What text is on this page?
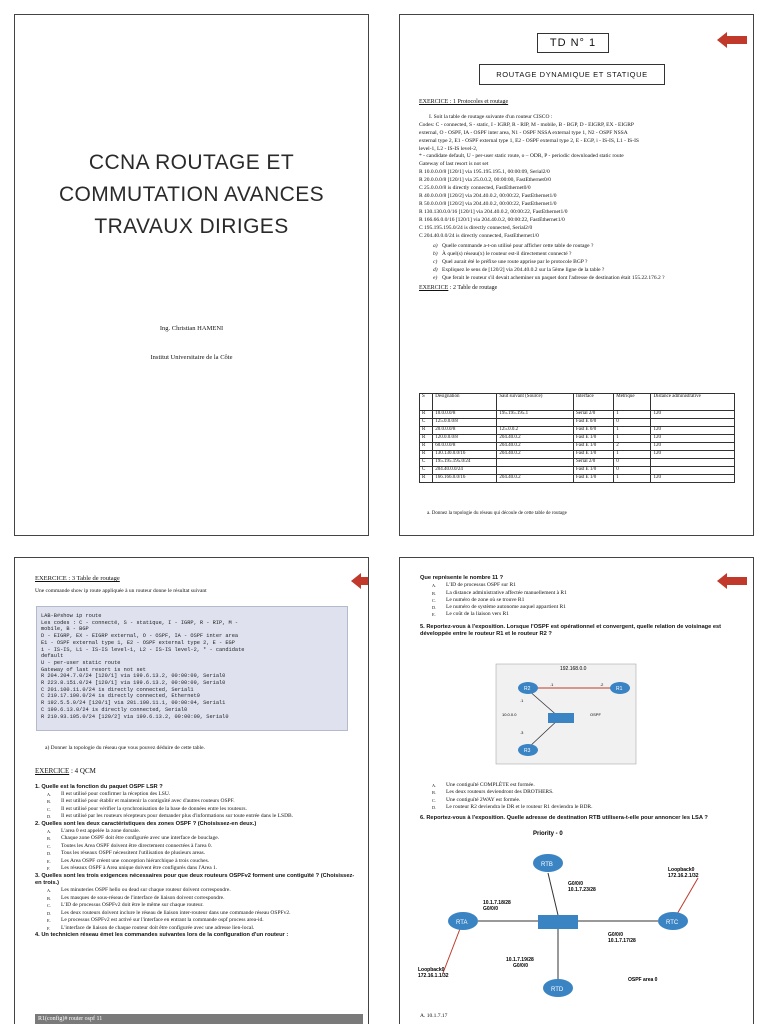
CCNA ROUTAGE ET
COMMUTATION AVANCES
TRAVAUX DIRIGES
Ing. Christian HAMENI
Institut Universitaire de la Côte
TD N° 1
ROUTAGE DYNAMIQUE ET STATIQUE
EXERCICE : 1 Protocoles et routage
I. Soit la table de routage suivante d'un routeur CISCO :
Codes: C - connected, S - static, I - IGRP, R - RIP, M - mobile, B - BGP, D - EIGRP, EX - EIGRP
external, O - OSPF, IA - OSPF inter area, N1 - OSPF NSSA external type 1, N2 - OSPF NSSA
external type 2, E1 - OSPF external type 1, E2 - OSPF external type 2, E - EGP, i - IS-IS, L1 - IS-IS
level-1, L2 - IS-IS level-2,
* - candidate default, U - per-user static route, o – ODR, P - periodic downloaded static route
Gateway of last resort is not set
R 10.0.0.0/8 [120/1] via 195.195.195.1, 00:00:09, Serial2/0
R 20.0.0.0/8 [120/1] via 25.0.0.2, 00:00:00, FastEthernet0/0
C 25.0.0.0/8 is directly connected, FastEthernet0/0
R 40.0.0.0/8 [120/2] via 204.40.0.2, 00:00:22, FastEthernet1/0
R 50.0.0.0/8 [120/2] via 204.40.0.2, 00:00:22, FastEthernet1/0
R 130.130.0.0/16 [120/1] via 204.40.0.2, 00:00:22, FastEthernet1/0
R 166.66.0.0/16 [120/1] via 204.40.0.2, 00:00:22, FastEthernet1/0
C 195.195.195.0/24 is directly connected, Serial2/0
C 204.40.0.0/24 is directly connected, FastEthernet1/0
a) Quelle commande a-t-on utilisé pour afficher cette table de routage ?
b) À quel(s) réseau(x) le routeur est-il directement connecté ?
c) Quel aurait été le préfixe une route apprise par le protocole BGP ?
d) Expliquez le sens de [120/2] via 204.40.0.2 sur la 5ème ligne de la table ?
e) Que ferait le routeur s'il devait acheminer un paquet dont l'adresse de destination était 155.22.176.2 ?
EXERCICE : 2 Table de routage
S	Désignation	Saut suivant (Source)	Interface	Métrique	Distance administrative
R	10.0.0.0/8	195.195.195.1	Serial 2/0	1	120
C	125.0.0.0/8		Fast E 0/0	0	
R	20.0.0.0/8	125.0.0.2	Fast E 0/0	1	120
R	120.0.0.0/8	204.40.0.2	Fast E 1/0	1	120
R	60.0.0.0/8	204.40.0.2	Fast E 1/0	2	120
R	130.130.0.0/16	204.40.0.2	Fast E 1/0	1	120
C	195.195.195.0/24		Serial 2/0	0	
C	204.40.0.0/24		Fast E 1/0	0	
R	166.166.0.0/16	204.40.0.2	Fast E 1/0	1	120
a. Donnez la topologie du réseau qui découle de cette table de routage
EXERCICE : 3 Table de routage
Une commande show ip route appliquée à un routeur donne le résultat suivant
LAB-B#show ip route
Les codes : C - connecté, S - statique, I - IGRP, R - RIP, M -
mobile, B - BGP
D - EIGRP, EX - EIGRP external, O - OSPF, IA - OSPF inter area
E1 - OSPF external type 1, E2 - OSPF external type 2, E - EGP
i - IS-IS, L1 - IS-IS level-1, L2 - IS-IS level-2, * - candidate
default
U - per-user static route
Gateway of last resort is not set
R 204.204.7.0/24 [120/1] via 199.6.13.2, 00:00:09, Serial0
R 223.8.151.0/24 [120/1] via 199.6.13.2, 00:00:09, Serial0
C 201.100.11.0/24 is directly connected, Serial1
C 219.17.100.0/24 is directly connected, Ethernet0
R 192.5.5.0/24 [120/1] via 201.100.11.1, 00:00:04, Serial1
C 199.6.13.0/24 is directly connected, Serial0
R 210.93.105.0/24 [120/2] via 199.6.13.2, 00:00:09, Serial0
a) Donner la topologie du réseau que vous pouvez déduire de cette table.
EXERCICE : 4 QCM
1. Quelle est la fonction du paquet OSPF LSR ?
A. Il est utilisé pour confirmer la réception des LSU.
B. Il est utilisé pour établir et maintenir la contiguïté avec d'autres routeurs OSPF.
C. Il est utilisé pour vérifier la synchronisation de la base de données entre les routeurs.
D. Il est utilisé par les routeurs récepteurs pour demander plus d'informations sur toute entrée dans le LSDB.
2. Quelles sont les deux caractéristiques des zones OSPF ? (Choisissez-en deux.)
A. L'area 0 est appelée la zone dorsale.
B. Chaque zone OSPF doit être configurée avec une interface de bouclage.
C. Toutes les Area OSPF doivent être directement connectées à l'area 0.
D. Tous les réseaux OSPF nécessitent l'utilisation de plusieurs areas.
E. Les Area OSPF créent une conception hiérarchique à trois couches.
F. Les réseaux OSPF à Area unique doivent être configurés dans l'Area 1.
3. Quelles sont les trois exigences nécessaires pour que deux routeurs OSPFv2 forment une contiguïté ? (Choisissez-en trois.)
A. Les minuteries OSPF hello ou dead sur chaque routeur doivent correspondre.
B. Les masques de sous-réseau de l'interface de liaison doivent correspondre.
C. L'ID de processus OSPFv2 doit être le même sur chaque routeur.
D. Les deux routeurs doivent inclure le réseau de liaison inter-routeur dans une commande réseau OSPFv2.
E. Le processus OSPFv2 est activé sur l'interface en entrant la commande ospf process area-id.
F. L'interface de liaison de chaque routeur doit être configurée avec une adresse lien-local.
4. Un technicien réseau émet les commandes suivantes lors de la configuration d'un routeur :
R1(config)# router ospf 11
Que représente le nombre 11 ?
A. L'ID de processus OSPF sur R1
B. La distance administrative affectée manuellement à R1
C. Le numéro de zone où se trouve R1
D. Le numéro de système autonome auquel appartient R1
E. Le coût de la liaison vers R1
5. Reportez-vous à l'exposition. Lorsque l'OSPF est opérationnel et convergent, quelle relation de voisinage est développée entre le routeur R1 et le routeur R2 ?
192.168.0.0
R1
R2
R3
.1	.2
.1
.3
10.0.0.0	OSPF
A. Une contiguïté COMPLÈTE est formée.
B. Les deux routeurs deviendront des DROTHERS.
C. Une contiguïté 2WAY est formée.
D. Le routeur R2 deviendra le DR et le routeur R1 deviendra le BDR.
6. Reportez-vous à l'exposition. Quelle adresse de destination RTB utilisera-t-elle pour annoncer les LSA ?
RTB
RTA	RTC
RTD
Priority - 0
G0/0/0
10.1.7.23/28
10.1.7.18/28
G0/0/0
G0/0/0
10.1.7.17/28
10.1.7.19/28
G0/0/0
Loopback0
172.16.1.1/32
Loopback0
172.16.2.1/32
OSPF area 0
A. 10.1.7.17
